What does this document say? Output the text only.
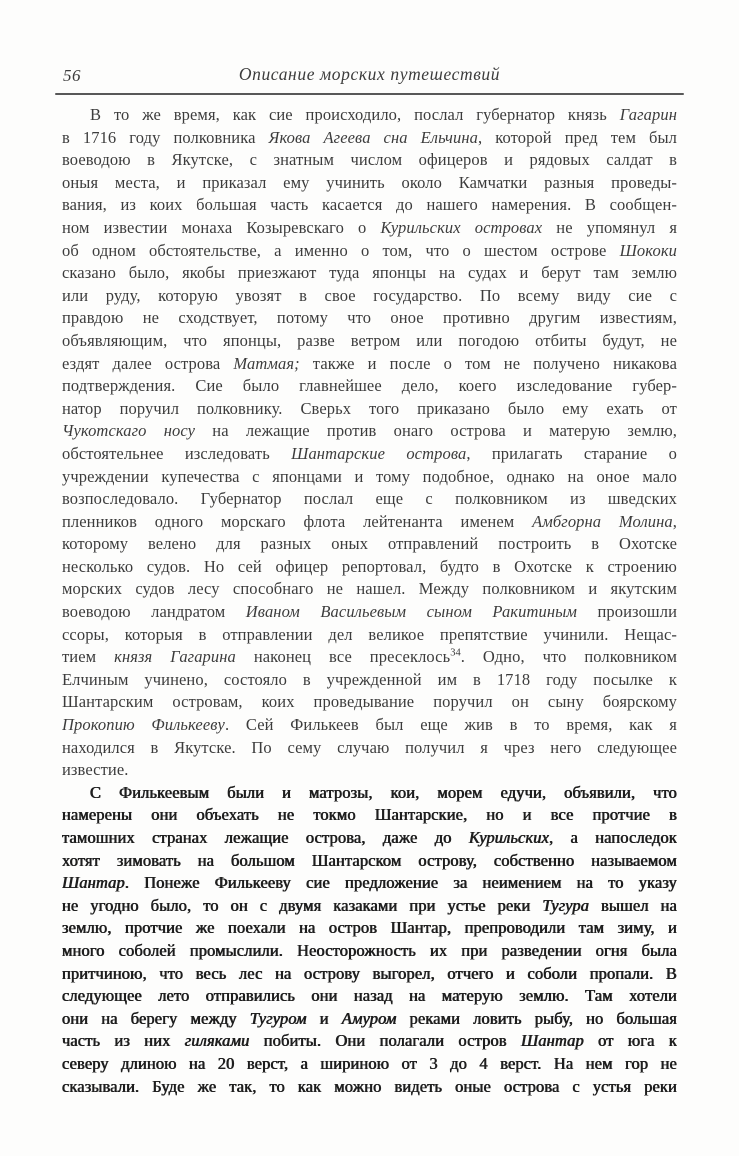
56	Описание морских путешествий
В то же время, как сие происходило, послал губернатор князь Гагарин
в 1716 году полковника Якова Агеева сна Ельчина, которой пред тем был
воеводою в Якутске, с знатным числом офицеров и рядовых салдат в
оныя места, и приказал ему учинить около Камчатки разныя проведы-
вания, из коих большая часть касается до нашего намерения. В сообщен-
ном известии монаха Козыревскаго о Курильских островах не упомянул я
об одном обстоятельстве, а именно о том, что о шестом острове Шококи
сказано было, якобы приезжают туда японцы на судах и берут там землю
или руду, которую увозят в свое государство. По всему виду сие с
правдою не сходствует, потому что оное противно другим известиям,
объявляющим, что японцы, разве ветром или погодою отбиты будут, не
ездят далее острова Матмая; также и после о том не получено никакова
подтверждения. Сие было главнейшее дело, коего изследование губер-
натор поручил полковнику. Сверьх того приказано было ему ехать от
Чукотскаго носу на лежащие против онаго острова и матерую землю,
обстоятельнее изследовать Шантарские острова, прилагать старание о
учреждении купечества с японцами и тому подобное, однако на оное мало
возпоследовало. Губернатор послал еще с полковником из шведских
пленников одного морскаго флота лейтенанта именем Амбгорна Молина,
которому велено для разных оных отправлений построить в Охотске
несколько судов. Но сей офицер репортовал, будто в Охотске к строению
морских судов лесу способнаго не нашел. Между полковником и якутским
воеводою ландратом Иваном Васильевым сыном Ракитиным произошли
ссоры, которыя в отправлении дел великое препятствие учинили. Нещас-
тием князя Гагарина наконец все пресеклось$^{34}$. Одно, что полковником
Елчиным учинено, состояло в учрежденной им в 1718 году посылке к
Шантарским островам, коих проведывание поручил он сыну боярскому
Прокопию Филькееву. Сей Филькеев был еще жив в то время, как я
находился в Якутске. По сему случаю получил я чрез него следующее
известие.
С Филькеевым были и матрозы, кои, морем едучи, объявили, что
намерены они объехать не токмо Шантарские, но и все протчие в
тамошних странах лежащие острова, даже до Курильских, а напоследок
хотят зимовать на большом Шантарском острову, собственно называемом
Шантар. Понеже Филькееву сие предложение за неимением на то указу
не угодно было, то он с двумя казаками при устье реки Тугура вышел на
землю, протчие же поехали на остров Шантар, препроводили там зиму, и
много соболей промыслили. Неосторожность их при разведении огня была
притчиною, что весь лес на острову выгорел, отчего и соболи пропали. В
следующее лето отправились они назад на матерую землю. Там хотели
они на берегу между Тугуром и Амуром реками ловить рыбу, но большая
часть из них гиляками побиты. Они полагали остров Шантар от юга к
северу длиною на 20 верст, а шириною от 3 до 4 верст. На нем гор не
сказывали. Буде же так, то как можно видеть оные острова с устья реки
